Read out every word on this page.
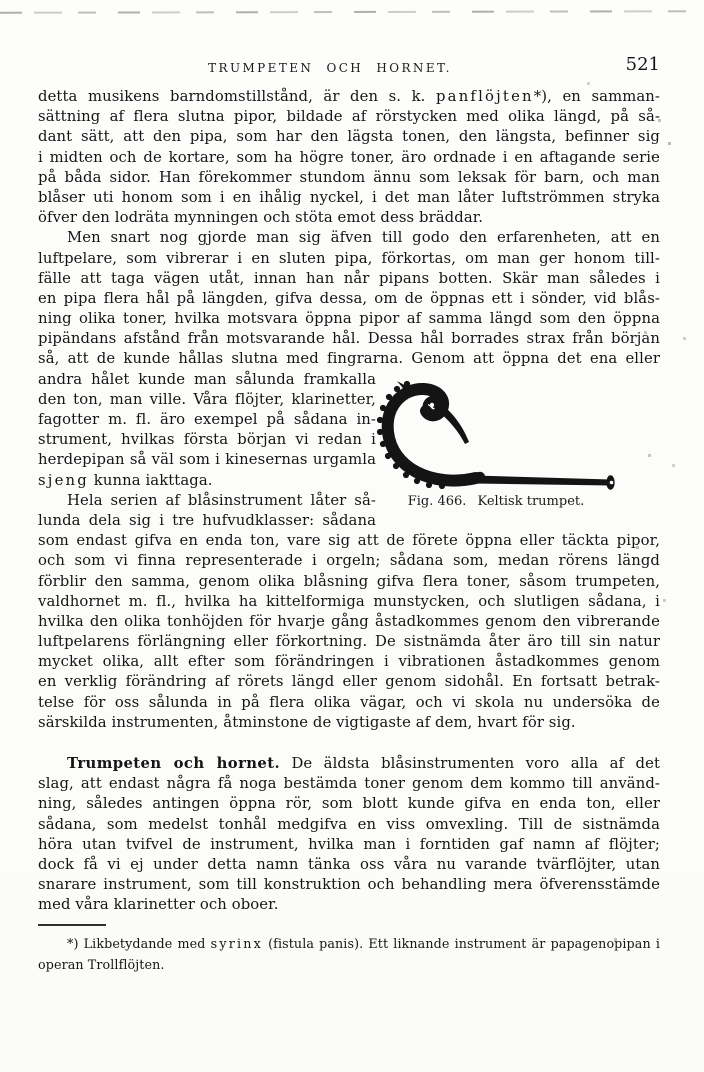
TRUMPETEN OCH HORNET.	521
detta musikens barndomstillstånd, är den s. k. panflöjten*), en samman-
sättning af flera slutna pipor, bildade af rörstycken med olika längd, på så-
dant sätt, att den pipa, som har den lägsta tonen, den längsta, befinner sig
i midten och de kortare, som ha högre toner, äro ordnade i en aftagande serie
på båda sidor. Han förekommer stundom ännu som leksak för barn, och man
blåser uti honom som i en ihålig nyckel, i det man låter luftströmmen stryka
öfver den lodräta mynningen och stöta emot dess bräddar.
Men snart nog gjorde man sig äfven till godo den erfarenheten, att en
luftpelare, som vibrerar i en sluten pipa, förkortas, om man ger honom till-
fälle att taga vägen utåt, innan han når pipans botten. Skär man således i
en pipa flera hål på längden, gifva dessa, om de öppnas ett i sönder, vid blås-
ning olika toner, hvilka motsvara öppna pipor af samma längd som den öppna
pipändans afstånd från motsvarande hål. Dessa hål borrades strax från början
så, att de kunde hållas slutna med fingrarna. Genom att öppna det ena eller
andra hålet kunde man sålunda framkalla
den ton, man ville. Våra flöjter, klarinetter,
fagotter m. fl. äro exempel på sådana in-
strument, hvilkas första början vi redan i
herdepipan så väl som i kinesernas urgamla
sjeng kunna iakttaga.
Hela serien af blåsinstrument låter så-
lunda dela sig i tre hufvudklasser: sådana
som endast gifva en enda ton, vare sig att de förete öppna eller täckta pipor,
och som vi finna representerade i orgeln; sådana som, medan rörens längd
förblir den samma, genom olika blåsning gifva flera toner, såsom trumpeten,
valdhornet m. fl., hvilka ha kittelformiga munstycken, och slutligen sådana, i
hvilka den olika tonhöjden för hvarje gång åstadkommes genom den vibrerande
luftpelarens förlängning eller förkortning. De sistnämda åter äro till sin natur
mycket olika, allt efter som förändringen i vibrationen åstadkommes genom
en verklig förändring af rörets längd eller genom sidohål. En fortsatt betrak-
telse för oss sålunda in på flera olika vägar, och vi skola nu undersöka de
särskilda instrumenten, åtminstone de vigtigaste af dem, hvart för sig.
Trumpeten och hornet. De äldsta blåsinstrumenten voro alla af det
slag, att endast några få noga bestämda toner genom dem kommo till använd-
ning, således antingen öppna rör, som blott kunde gifva en enda ton, eller
sådana, som medelst tonhål medgifva en viss omvexling. Till de sistnämda
höra utan tvifvel de instrument, hvilka man i forntiden gaf namn af flöjter;
dock få vi ej under detta namn tänka oss våra nu varande tvärflöjter, utan
snarare instrument, som till konstruktion och behandling mera öfverensstämde
med våra klarinetter och oboer.
Fig. 466. Keltisk trumpet.
*) Likbetydande med syrinx (fistula panis). Ett liknande instrument är papagenopipan i
operan Trollflöjten.
